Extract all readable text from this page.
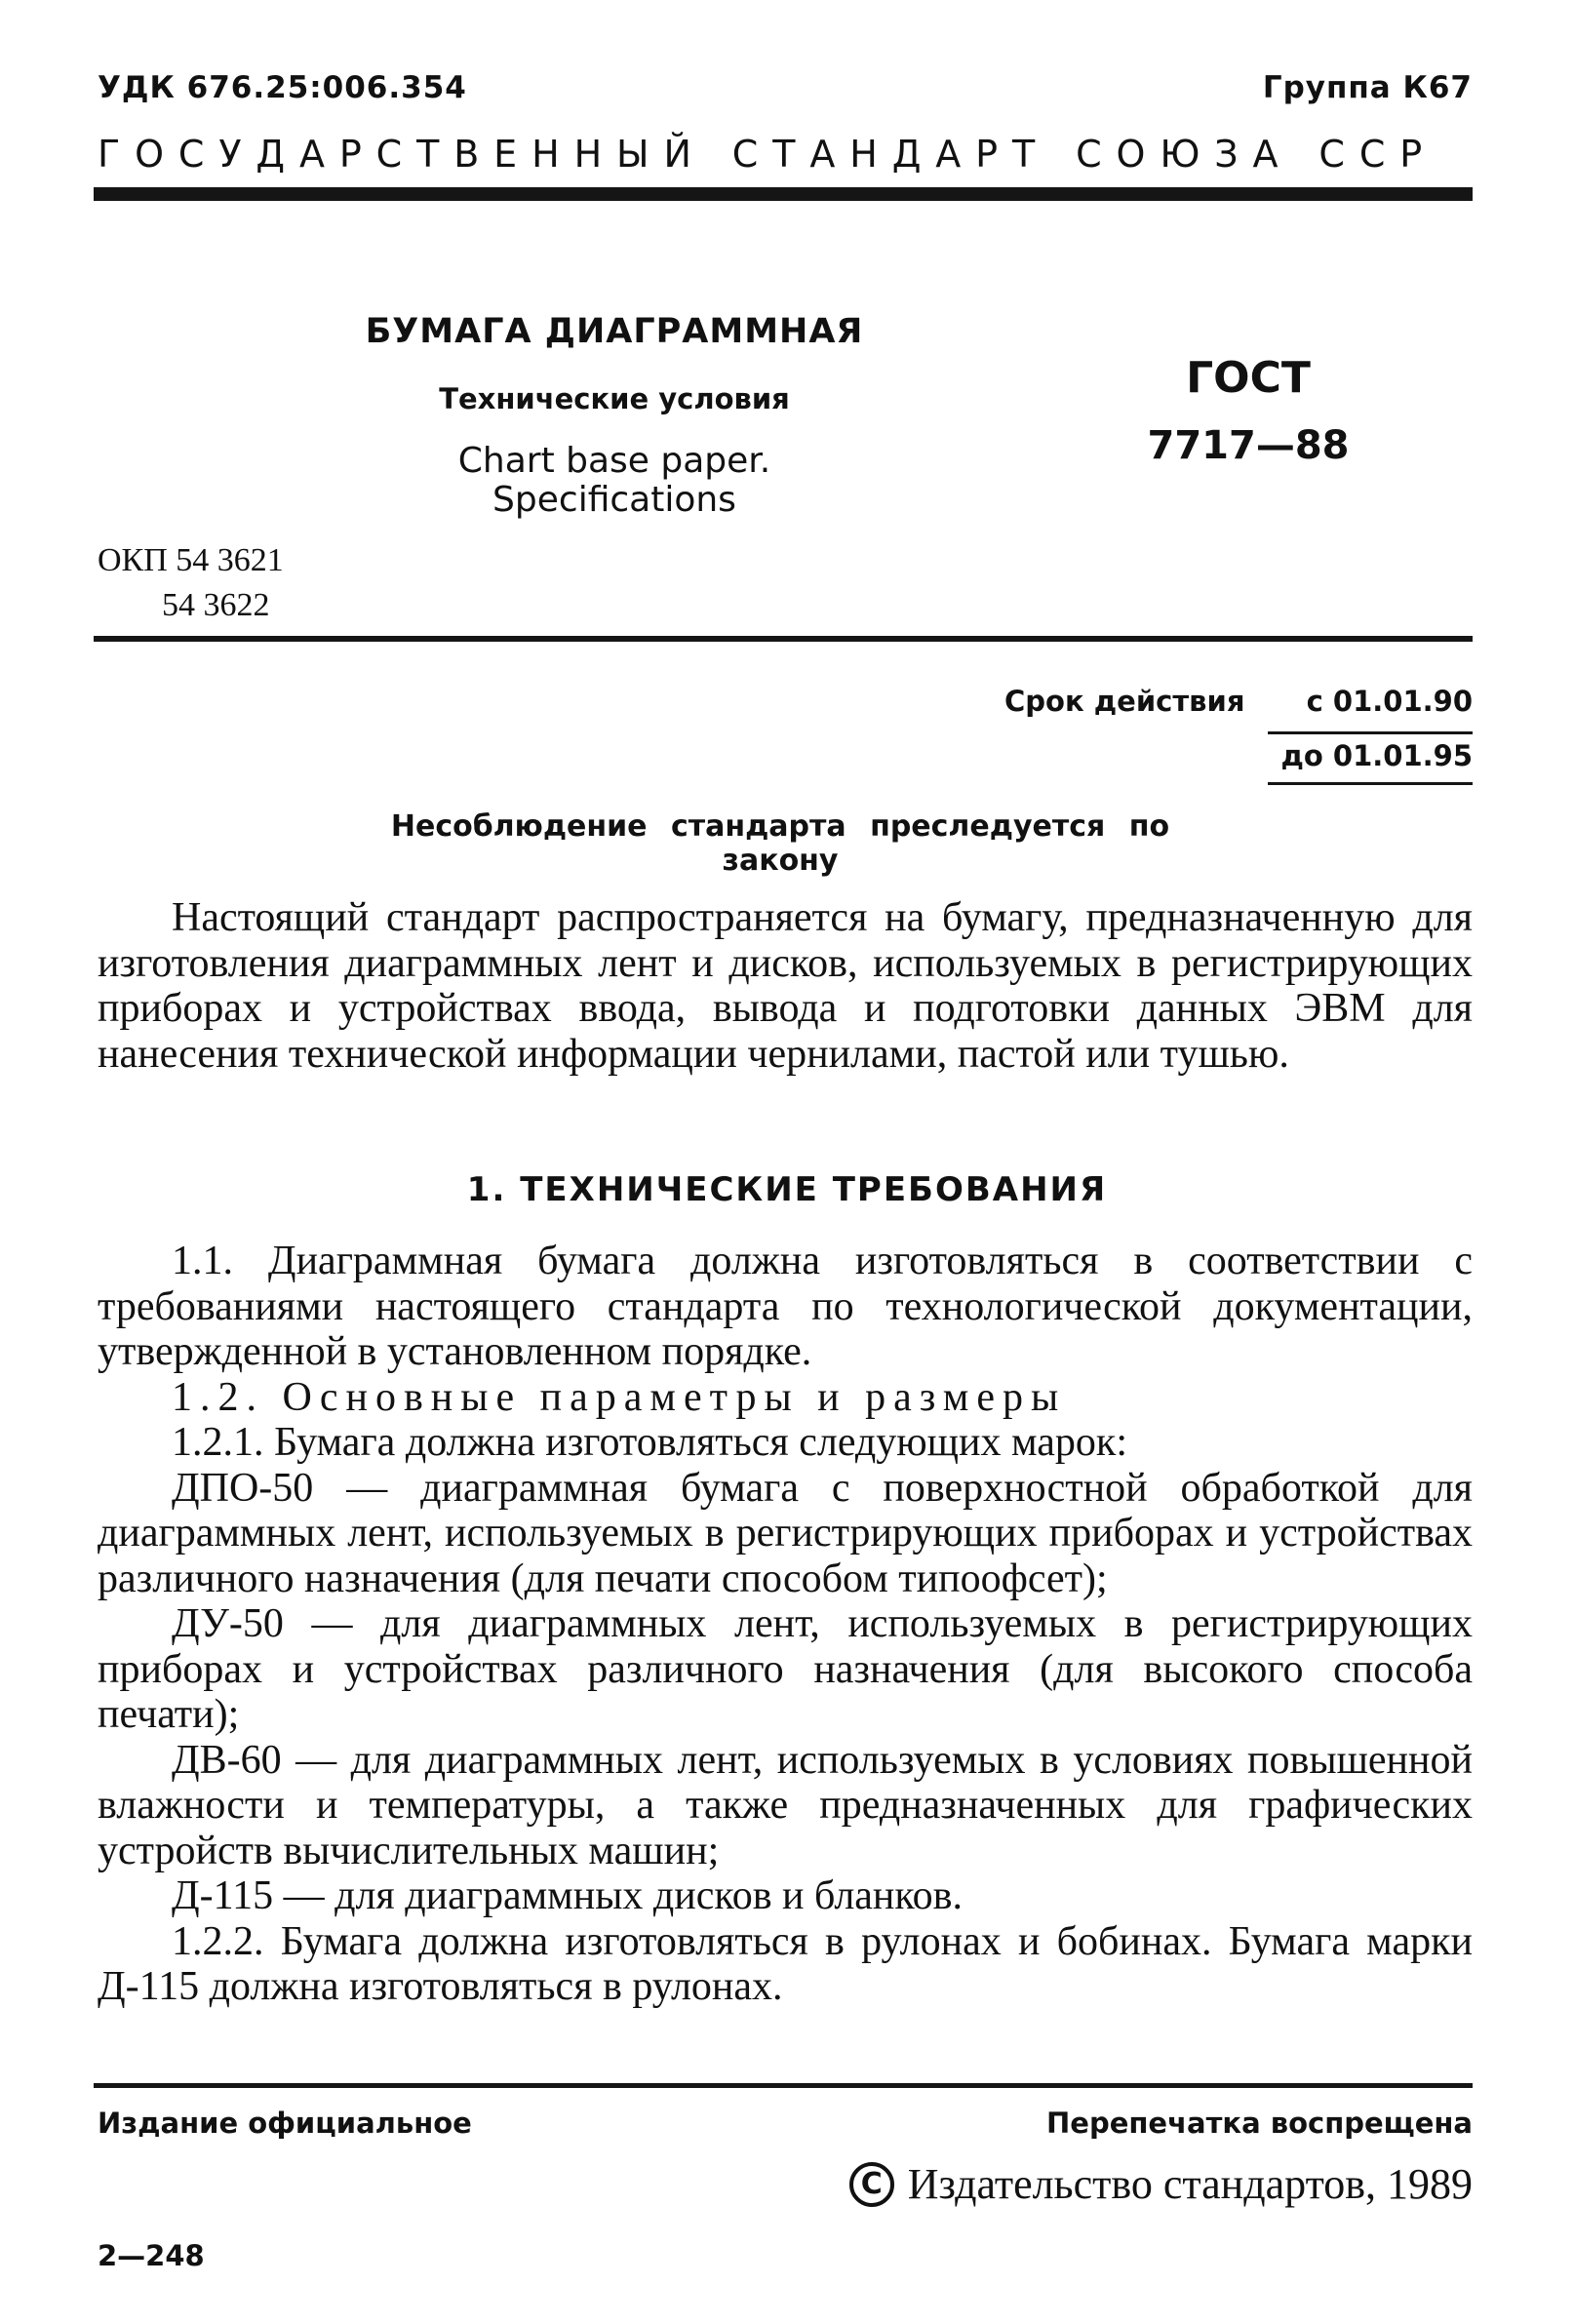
УДК 676.25:006.354	Группа К67
ГОСУДАРСТВЕННЫЙ СТАНДАРТ СОЮЗА ССР
БУМАГА ДИАГРАММНАЯ
Технические условия
Chart base paper.
Specifications
ГОСТ
7717—88
ОКП 54 3621
54 3622
Срок действия	с 01.01.90
до 01.01.95
Несоблюдение стандарта преследуется по закону

Настоящий стандарт распространяется на бумагу, предназначенную для изготовления диаграммных лент и дисков, используемых в регистрирующих приборах и устройствах ввода, вывода и подготовки данных ЭВМ для нанесения технической информации чернилами, пастой или тушью.

1. ТЕХНИЧЕСКИЕ ТРЕБОВАНИЯ

1.1. Диаграммная бумага должна изготовляться в соответствии с требованиями настоящего стандарта по технологической документации, утвержденной в установленном порядке.

1.2. Основные параметры и размеры

1.2.1. Бумага должна изготовляться следующих марок:

ДПО-50 — диаграммная бумага с поверхностной обработкой для диаграммных лент, используемых в регистрирующих приборах и устройствах различного назначения (для печати способом типоофсет);

ДУ-50 — для диаграммных лент, используемых в регистрирующих приборах и устройствах различного назначения (для высокого способа печати);

ДВ-60 — для диаграммных лент, используемых в условиях повышенной влажности и температуры, а также предназначенных для графических устройств вычислительных машин;

Д-115 — для диаграммных дисков и бланков.

1.2.2. Бумага должна изготовляться в рулонах и бобинах. Бумага марки Д-115 должна изготовляться в рулонах.

Издание официальное	Перепечатка воспрещена
C Издательство стандартов, 1989
2—248
